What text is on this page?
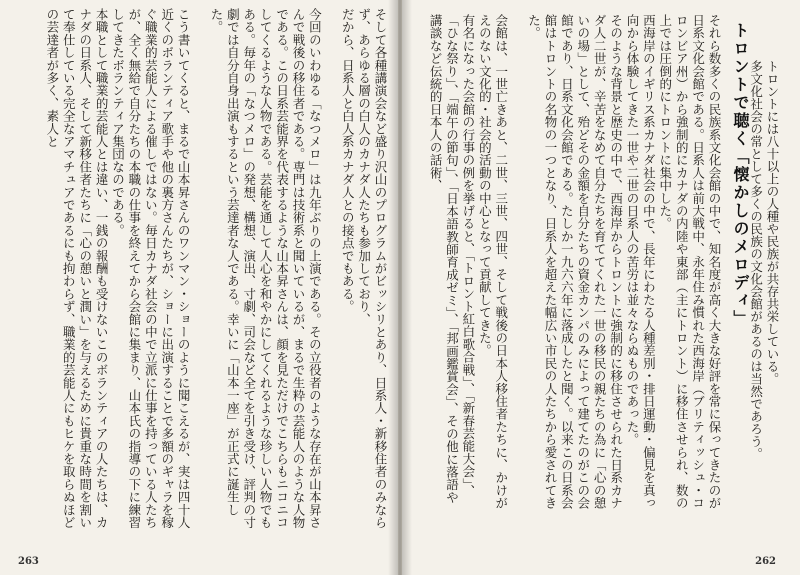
そして各種講演会など盛り沢山のプログラムがビッシリとあり、日系人・新移住者のみならず、あらゆる層の白人のカナダ人たちも参加しており、
だから、日系人と白人系カナダ人との接点でもある。

今回のいわゆる「なつメロ」は九年ぶりの上演である。その立役者のような存在が山本昇さんで戦後の移住者である。専門は技術系と聞いているが、まるで生粋の芸能人のような人物である。この日系芸能界を代表するような山本昇さんは、顔を見ただけでこちらもニコニコしてくるような人物である。芸能を通して人心を和やかにしてくれるような珍しい人物でもある。毎年の「なつメロ」の発想、構想、演出、寸劇、司会など全てを引き受け、評判の寸劇では自分自身出演もするという芸達者な人である。幸いに「山本一座」が正式に誕生した。

こう書いてくると、まるで山本昇さんのワンマン・ショーのように聞こえるが、実は四十人近くのボランティア歌手や他の裏方さんたちが、ショーに出演することで多額のギャラを稼ぐ職業的芸能人による催しではない。毎日カナダ社会の中で立派に仕事を持っている人たちが、全く無給で自分たちの本職の仕事を終えてから会館に集まり、山本氏の指導の下に練習してきたボランティア集団なのである。
本職として職業的芸能人とは違い、一銭の報酬も受けないこのボランティアの人たちは、カナダの日系人、そして新移住者たちに「心の憩いと潤い」を与えるために貴重な時間を割いて奉仕している完全なアマチュアであるにも拘わらず、職業的芸能人にもヒケを取らぬほどの芸達者が多く、素人と
263
トロントで聴く「懐かしのメロディ」	トロントには八十以上の人種や民族が共存共栄している。
多文化社会の常として多くの民族の文化会館があるのは当然であろう。
それら数多くの民族系文化会館の中で、知名度が高く大きな好評を常に保ってきたのが日系文化会館である。日系人は前大戦中、永年住み慣れた西海岸（ブリティッシュ・コロンビア州）から強制的にカナダの内陸や東部（主にトロント）に移住させられ、数の上では圧倒的にトロントに集中した。
西海岸のイギリス系カナダ社会の中で、長年にわたる人種差別・排日運動・偏見を真っ向から体験してきた一世や二世の日系人の苦労は並々ならぬものであった。
そのような背景と歴史の中で、西海岸からトロントに強制的に移住させられた日系カナダ人二世が、辛苦をなめて自分たちを育ててくれた一世の移民の親たちの為に「心の憩いの場」として、殆どその金額を自分たちの資金カンパのみによって建てたのがこの会館であり、日系文化会館である。たしか一九六六年に落成したと聞く。以来この日系会館はトロントの名物の一つとなり、日系人を超えた幅広い市民の人たちから愛されてきた。

会館は、一世亡きあと、二世、三世、四世、そして戦後の日本人移住者たちに、かけがえのない文化的・社会的活動の中心となって貢献してきた。
有名になった会館の行事の例を挙げると、「トロント紅白歌合戦」、「新春芸能大会」、「ひな祭り」、「端午の節句」、「日本語教師育成ゼミ」、「邦画鑑賞会」、その他に落語や講談など伝統的日本人の話術、
262
